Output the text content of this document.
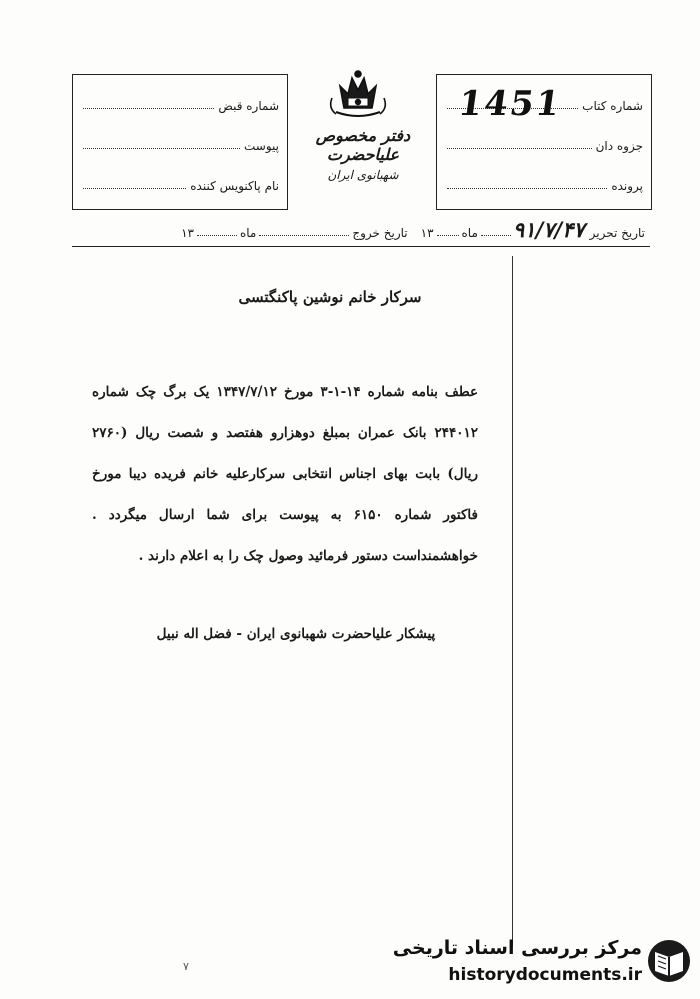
شماره کتاب
جزوه دان
پرونده
1451
شماره قبض
پیوست
نام پاکنویس کننده
دفتر مخصوص علیاحضرت
شهبانوی ایران
تاریخ تحریر
۹۱/۷/۴۷
ماه
۱۳
تاریخ خروج
ماه
۱۳
سرکار خانم نوشین پاکنگتسی
عطف بنامه شماره ۱۴-۱-۳ مورخ ۱۳۴۷/۷/۱۲ یک برگ چک شماره ۲۴۴۰۱۲ بانک عمران بمبلغ دوهزارو هفتصد و شصت ریال (۲۷۶۰ ریال) بابت بهای اجناس انتخابی سرکارعلیه خانم فریده دیبا مورخ فاکتور شماره ۶۱۵۰ به پیوست برای شما ارسال میگردد . خواهشمنداست دستور فرمائید وصول چک را به اعلام دارند .
پیشکار علیاحضرت شهبانوی ایران - فضل اله نبیل
۷
مرکز بررسی اسناد تاریخی
historydocuments.ir
